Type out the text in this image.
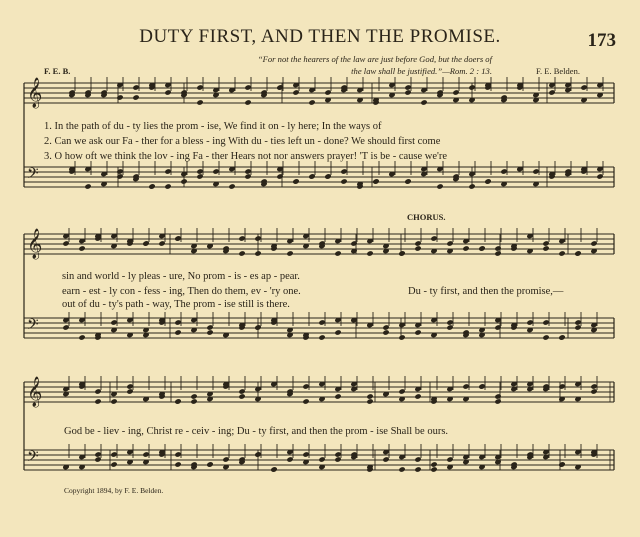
𝄞
𝄢
𝄞
𝄢
𝄞
𝄢
DUTY FIRST, AND THEN THE PROMISE.	173
“For not the hearers of the law are just before God, but the doers of
the law shall be justified.”—Rom. 2 : 13.
F. E. B.	F. E. Belden.
1. In the path of du - ty lies the prom - ise, We find it on - ly here; In the ways of
2. Can we ask our Fa - ther for a bless - ing With du - ties left un - done? We should first come
3. O how oft we think the lov - ing Fa - ther Hears not nor answers prayer! 'T is be - cause we're
CHORUS.
sin and world - ly pleas - ure, No prom - is - es ap - pear.
earn - est - ly con - fess - ing, Then do them, ev - 'ry one.
out of du - ty's path - way, The prom - ise still is there.
Du - ty first, and then the promise,—
God be - liev - ing, Christ re - ceiv - ing; Du - ty first, and then the prom - ise Shall be ours.
Copyright 1894, by F. E. Belden.
